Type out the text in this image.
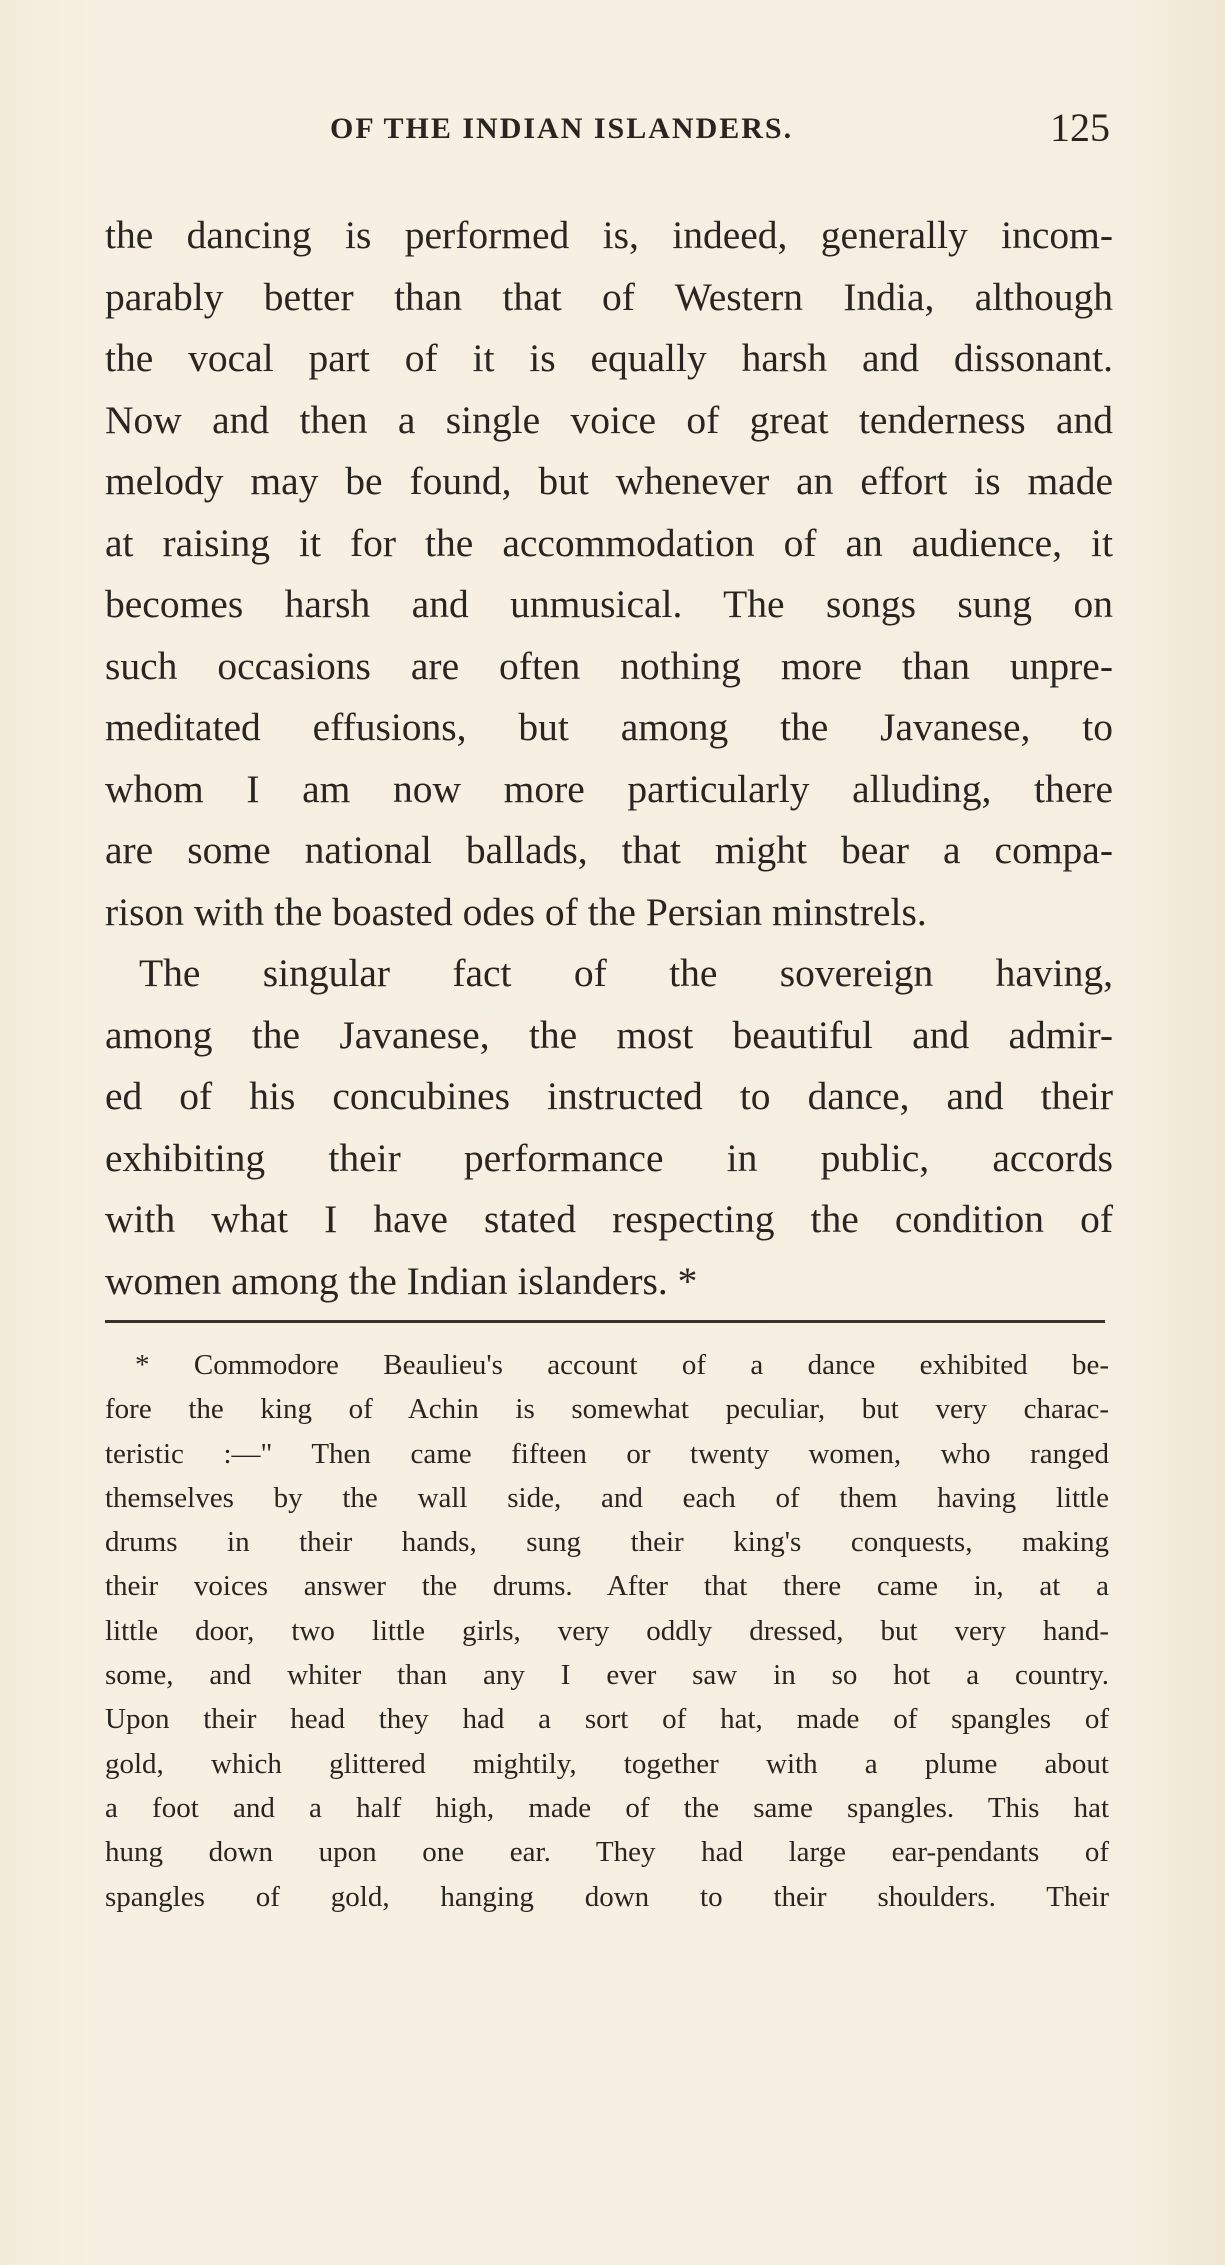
OF THE INDIAN ISLANDERS.	125
the dancing is performed is, indeed, generally incom-
parably better than that of Western India, although
the vocal part of it is equally harsh and dissonant.
Now and then a single voice of great tenderness and
melody may be found, but whenever an effort is made
at raising it for the accommodation of an audience, it
becomes harsh and unmusical. The songs sung on
such occasions are often nothing more than unpre-
meditated effusions, but among the Javanese, to
whom I am now more particularly alluding, there
are some national ballads, that might bear a compa-
rison with the boasted odes of the Persian minstrels.
The singular fact of the sovereign having,
among the Javanese, the most beautiful and admir-
ed of his concubines instructed to dance, and their
exhibiting their performance in public, accords
with what I have stated respecting the condition of
women among the Indian islanders. *
* Commodore Beaulieu's account of a dance exhibited be-
fore the king of Achin is somewhat peculiar, but very charac-
teristic :—" Then came fifteen or twenty women, who ranged
themselves by the wall side, and each of them having little
drums in their hands, sung their king's conquests, making
their voices answer the drums. After that there came in, at a
little door, two little girls, very oddly dressed, but very hand-
some, and whiter than any I ever saw in so hot a country.
Upon their head they had a sort of hat, made of spangles of
gold, which glittered mightily, together with a plume about
a foot and a half high, made of the same spangles. This hat
hung down upon one ear. They had large ear-pendants of
spangles of gold, hanging down to their shoulders. Their
